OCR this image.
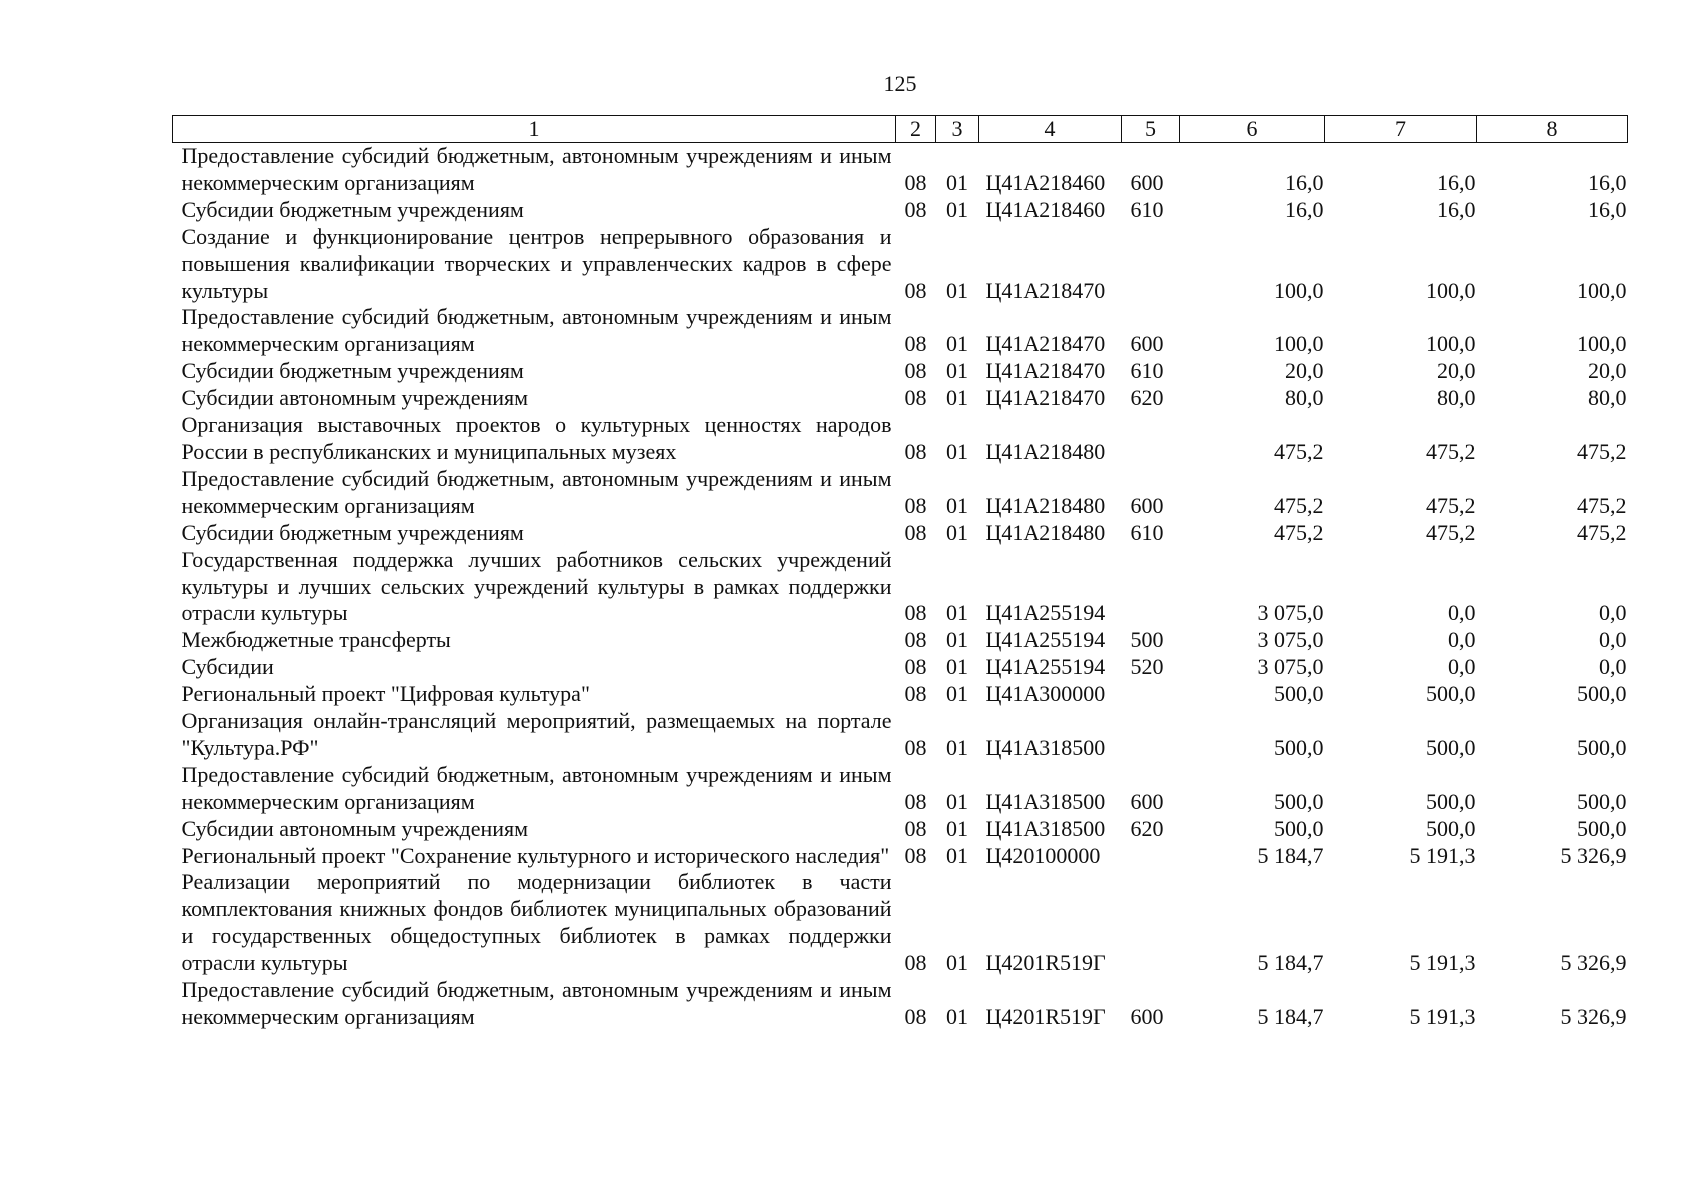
125
1	2	3	4	5	6	7	8
Предоставление субсидий бюджетным, автономным учреждениям и иным некоммерческим организациям	08	01	Ц41А218460	600	16,0	16,0	16,0
Субсидии бюджетным учреждениям	08	01	Ц41А218460	610	16,0	16,0	16,0
Создание и функционирование центров непрерывного образования и повышения квалификации творческих и управленческих кадров в сфере культуры	08	01	Ц41А218470		100,0	100,0	100,0
Предоставление субсидий бюджетным, автономным учреждениям и иным некоммерческим организациям	08	01	Ц41А218470	600	100,0	100,0	100,0
Субсидии бюджетным учреждениям	08	01	Ц41А218470	610	20,0	20,0	20,0
Субсидии автономным учреждениям	08	01	Ц41А218470	620	80,0	80,0	80,0
Организация выставочных проектов о культурных ценностях народов России в республиканских и муниципальных музеях	08	01	Ц41А218480		475,2	475,2	475,2
Предоставление субсидий бюджетным, автономным учреждениям и иным некоммерческим организациям	08	01	Ц41А218480	600	475,2	475,2	475,2
Субсидии бюджетным учреждениям	08	01	Ц41А218480	610	475,2	475,2	475,2
Государственная поддержка лучших работников сельских учреждений культуры и лучших сельских учреждений культуры в рамках поддержки отрасли культуры	08	01	Ц41А255194		3 075,0	0,0	0,0
Межбюджетные трансферты	08	01	Ц41А255194	500	3 075,0	0,0	0,0
Субсидии	08	01	Ц41А255194	520	3 075,0	0,0	0,0
Региональный проект "Цифровая культура"	08	01	Ц41А300000		500,0	500,0	500,0
Организация онлайн-трансляций мероприятий, размещаемых на портале "Культура.РФ"	08	01	Ц41А318500		500,0	500,0	500,0
Предоставление субсидий бюджетным, автономным учреждениям и иным некоммерческим организациям	08	01	Ц41А318500	600	500,0	500,0	500,0
Субсидии автономным учреждениям	08	01	Ц41А318500	620	500,0	500,0	500,0
Региональный проект "Сохранение культурного и исторического наследия"	08	01	Ц420100000		5 184,7	5 191,3	5 326,9
Реализации мероприятий по модернизации библиотек в части комплектования книжных фондов библиотек муниципальных образований и государственных общедоступных библиотек в рамках поддержки отрасли культуры	08	01	Ц4201R519Г		5 184,7	5 191,3	5 326,9
Предоставление субсидий бюджетным, автономным учреждениям и иным некоммерческим организациям	08	01	Ц4201R519Г	600	5 184,7	5 191,3	5 326,9
